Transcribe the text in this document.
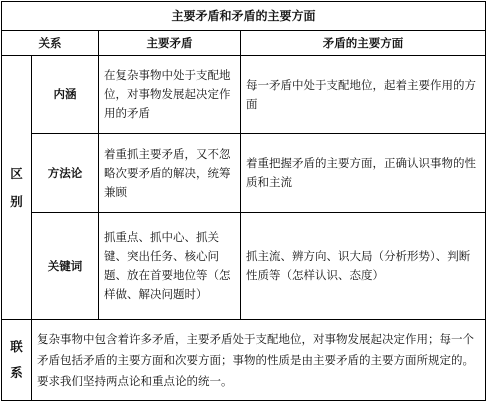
主要矛盾和矛盾的主要方面			
关系		主要矛盾	矛盾的主要方面

区
别	内涵	在复杂事物中处于支配地位，对事物发展起决定作用的矛盾	每一矛盾中处于支配地位，起着主要作用的方面
	方法论	着重抓主要矛盾，又不忽略次要矛盾的解决，统筹兼顾	着重把握矛盾的主要方面，正确认识事物的性质和主流
	关键词	抓重点、抓中心、抓关键、突出任务、核心问题、放在首要地位等（怎样做、解决问题时）	抓主流、辨方向、识大局（分析形势）、判断性质等（怎样认识、态度）

联
系	复杂事物中包含着许多矛盾，主要矛盾处于支配地位，对事物发展起决定作用；每一个矛盾包括矛盾的主要方面和次要方面；事物的性质是由主要矛盾的主要方面所规定的。要求我们坚持两点论和重点论的统一。		
